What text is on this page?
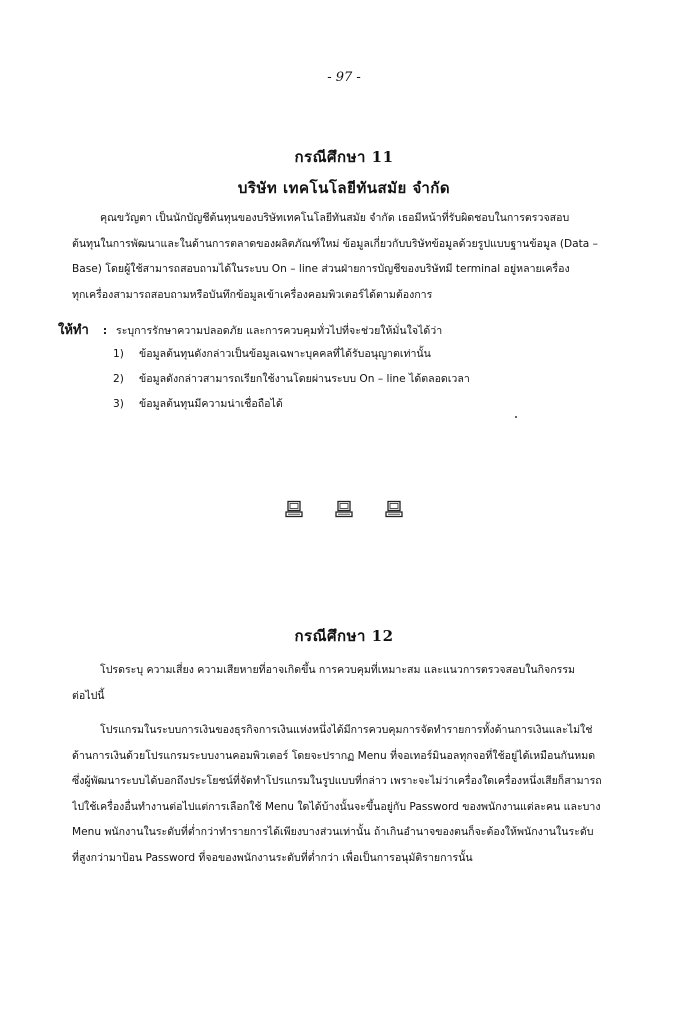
- 97 -
กรณีศึกษา 11
บริษัท เทคโนโลยีทันสมัย จำกัด
คุณขวัญตา เป็นนักบัญชีต้นทุนของบริษัทเทคโนโลยีทันสมัย จำกัด เธอมีหน้าที่รับผิดชอบในการตรวจสอบ
ต้นทุนในการพัฒนาและในด้านการตลาดของผลิตภัณฑ์ใหม่ ข้อมูลเกี่ยวกับบริษัทข้อมูลด้วยรูปแบบฐานข้อมูล (Data –
Base) โดยผู้ใช้สามารถสอบถามได้ในระบบ On – line ส่วนฝ่ายการบัญชีของบริษัทมี terminal อยู่หลายเครื่อง
ทุกเครื่องสามารถสอบถามหรือบันทึกข้อมูลเข้าเครื่องคอมพิวเตอร์ได้ตามต้องการ
ให้ทำ	: ระบุการรักษาความปลอดภัย และการควบคุมทั่วไปที่จะช่วยให้มั่นใจได้ว่า
1)	ข้อมูลต้นทุนดังกล่าวเป็นข้อมูลเฉพาะบุคคลที่ได้รับอนุญาตเท่านั้น
2)	ข้อมูลดังกล่าวสามารถเรียกใช้งานโดยผ่านระบบ On – line ได้ตลอดเวลา
3)	ข้อมูลต้นทุนมีความน่าเชื่อถือได้
กรณีศึกษา 12
โปรดระบุ ความเสี่ยง ความเสียหายที่อาจเกิดขึ้น การควบคุมที่เหมาะสม และแนวการตรวจสอบในกิจกรรม
ต่อไปนี้
โปรแกรมในระบบการเงินของธุรกิจการเงินแห่งหนึ่งได้มีการควบคุมการจัดทำรายการทั้งด้านการเงินและไม่ใช่
ด้านการเงินด้วยโปรแกรมระบบงานคอมพิวเตอร์ โดยจะปรากฏ Menu ที่จอเทอร์มินอลทุกจอที่ใช้อยู่ได้เหมือนกันหมด
ซึ่งผู้พัฒนาระบบได้บอกถึงประโยชน์ที่จัดทำโปรแกรมในรูปแบบที่กล่าว เพราะจะไม่ว่าเครื่องใดเครื่องหนึ่งเสียก็สามารถ
ไปใช้เครื่องอื่นทำงานต่อไปแต่การเลือกใช้ Menu ใดได้บ้างนั้นจะขึ้นอยู่กับ Password ของพนักงานแต่ละคน และบาง
Menu พนักงานในระดับที่ต่ำกว่าทำรายการได้เพียงบางส่วนเท่านั้น ถ้าเกินอำนาจของตนก็จะต้องให้พนักงานในระดับ
ที่สูงกว่ามาป้อน Password ที่จอของพนักงานระดับที่ต่ำกว่า เพื่อเป็นการอนุมัติรายการนั้น
